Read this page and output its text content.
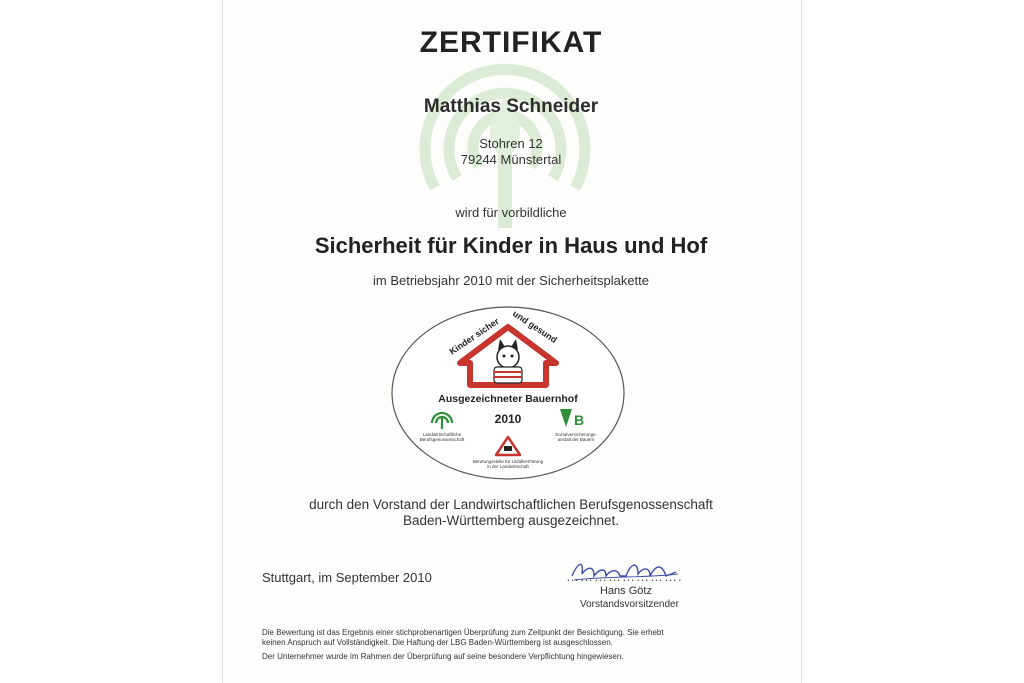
ZERTIFIKAT
Matthias Schneider
Stohren 12
79244 Münstertal
wird für vorbildliche
Sicherheit für Kinder in Haus und Hof
im Betriebsjahr 2010 mit der Sicherheitsplakette
Kinder sicher
und gesund
Ausgezeichneter Bauernhof
2010
Landwirtschaftliche
Berufsgenossenschaft
B
Sozialversicherungs-
anstalt der Bauern
Beratungsstelle für Unfallverhütung
in der Landwirtschaft
durch den Vorstand der Landwirtschaftlichen Berufsgenossenschaft
Baden-Württemberg ausgezeichnet.
Stuttgart, im September 2010	…………………….
Hans Götz
Vorstandsvorsitzender
Die Bewertung ist das Ergebnis einer stichprobenartigen Überprüfung zum Zeitpunkt der Besichtigung. Sie erhebt
keinen Anspruch auf Vollständigkeit. Die Haftung der LBG Baden-Württemberg ist ausgeschlossen.
Der Unternehmer wurde im Rahmen der Überprüfung auf seine besondere Verpflichtung hingewiesen.
